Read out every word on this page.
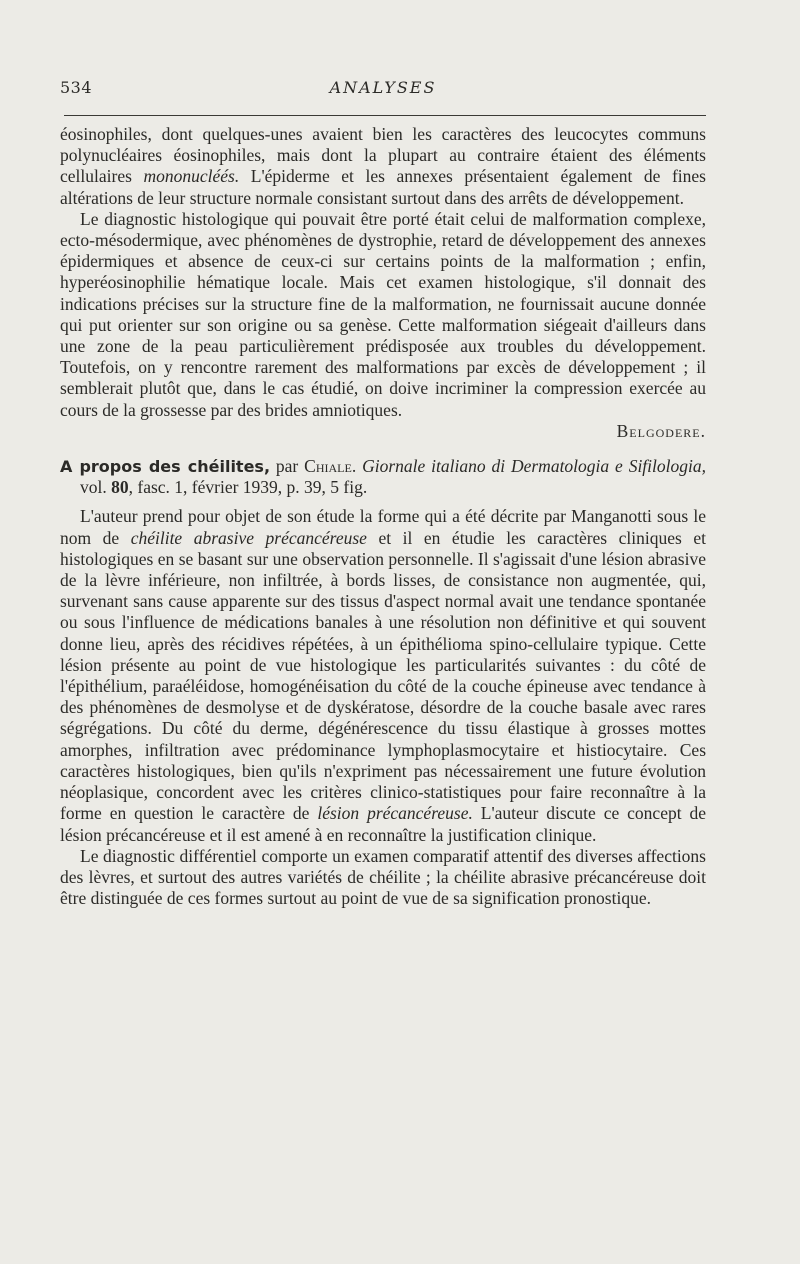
534	ANALYSES

éosinophiles, dont quelques-unes avaient bien les caractères des leucocytes communs polynucléaires éosinophiles, mais dont la plupart au contraire étaient des éléments cellulaires mononucléés. L'épiderme et les annexes présentaient également de fines altérations de leur structure normale consistant surtout dans des arrêts de développement.

Le diagnostic histologique qui pouvait être porté était celui de malformation complexe, ecto-mésodermique, avec phénomènes de dystrophie, retard de développement des annexes épidermiques et absence de ceux-ci sur certains points de la malformation ; enfin, hyperéosinophilie hématique locale. Mais cet examen histologique, s'il donnait des indications précises sur la structure fine de la malformation, ne fournissait aucune donnée qui put orienter sur son origine ou sa genèse. Cette malformation siégeait d'ailleurs dans une zone de la peau particulièrement prédisposée aux troubles du développement. Toutefois, on y rencontre rarement des malformations par excès de développement ; il semblerait plutôt que, dans le cas étudié, on doive incriminer la compression exercée au cours de la grossesse par des brides amniotiques.

Belgodere.

A propos des chéilites, par Chiale. Giornale italiano di Dermatologia e Sifilologia, vol. 80, fasc. 1, février 1939, p. 39, 5 fig.

L'auteur prend pour objet de son étude la forme qui a été décrite par Manganotti sous le nom de chéilite abrasive précancéreuse et il en étudie les caractères cliniques et histologiques en se basant sur une observation personnelle. Il s'agissait d'une lésion abrasive de la lèvre inférieure, non infiltrée, à bords lisses, de consistance non augmentée, qui, survenant sans cause apparente sur des tissus d'aspect normal avait une tendance spontanée ou sous l'influence de médications banales à une résolution non définitive et qui souvent donne lieu, après des récidives répétées, à un épithélioma spino-cellulaire typique. Cette lésion présente au point de vue histologique les particularités suivantes : du côté de l'épithélium, paraéléidose, homogénéisation du côté de la couche épineuse avec tendance à des phénomènes de desmolyse et de dyskératose, désordre de la couche basale avec rares ségrégations. Du côté du derme, dégénérescence du tissu élastique à grosses mottes amorphes, infiltration avec prédominance lymphoplasmocytaire et histiocytaire. Ces caractères histologiques, bien qu'ils n'expriment pas nécessairement une future évolution néoplasique, concordent avec les critères clinico-statistiques pour faire reconnaître à la forme en question le caractère de lésion précancéreuse. L'auteur discute ce concept de lésion précancéreuse et il est amené à en reconnaître la justification clinique.

Le diagnostic différentiel comporte un examen comparatif attentif des diverses affections des lèvres, et surtout des autres variétés de chéilite ; la chéilite abrasive précancéreuse doit être distinguée de ces formes surtout au point de vue de sa signification pronostique.
